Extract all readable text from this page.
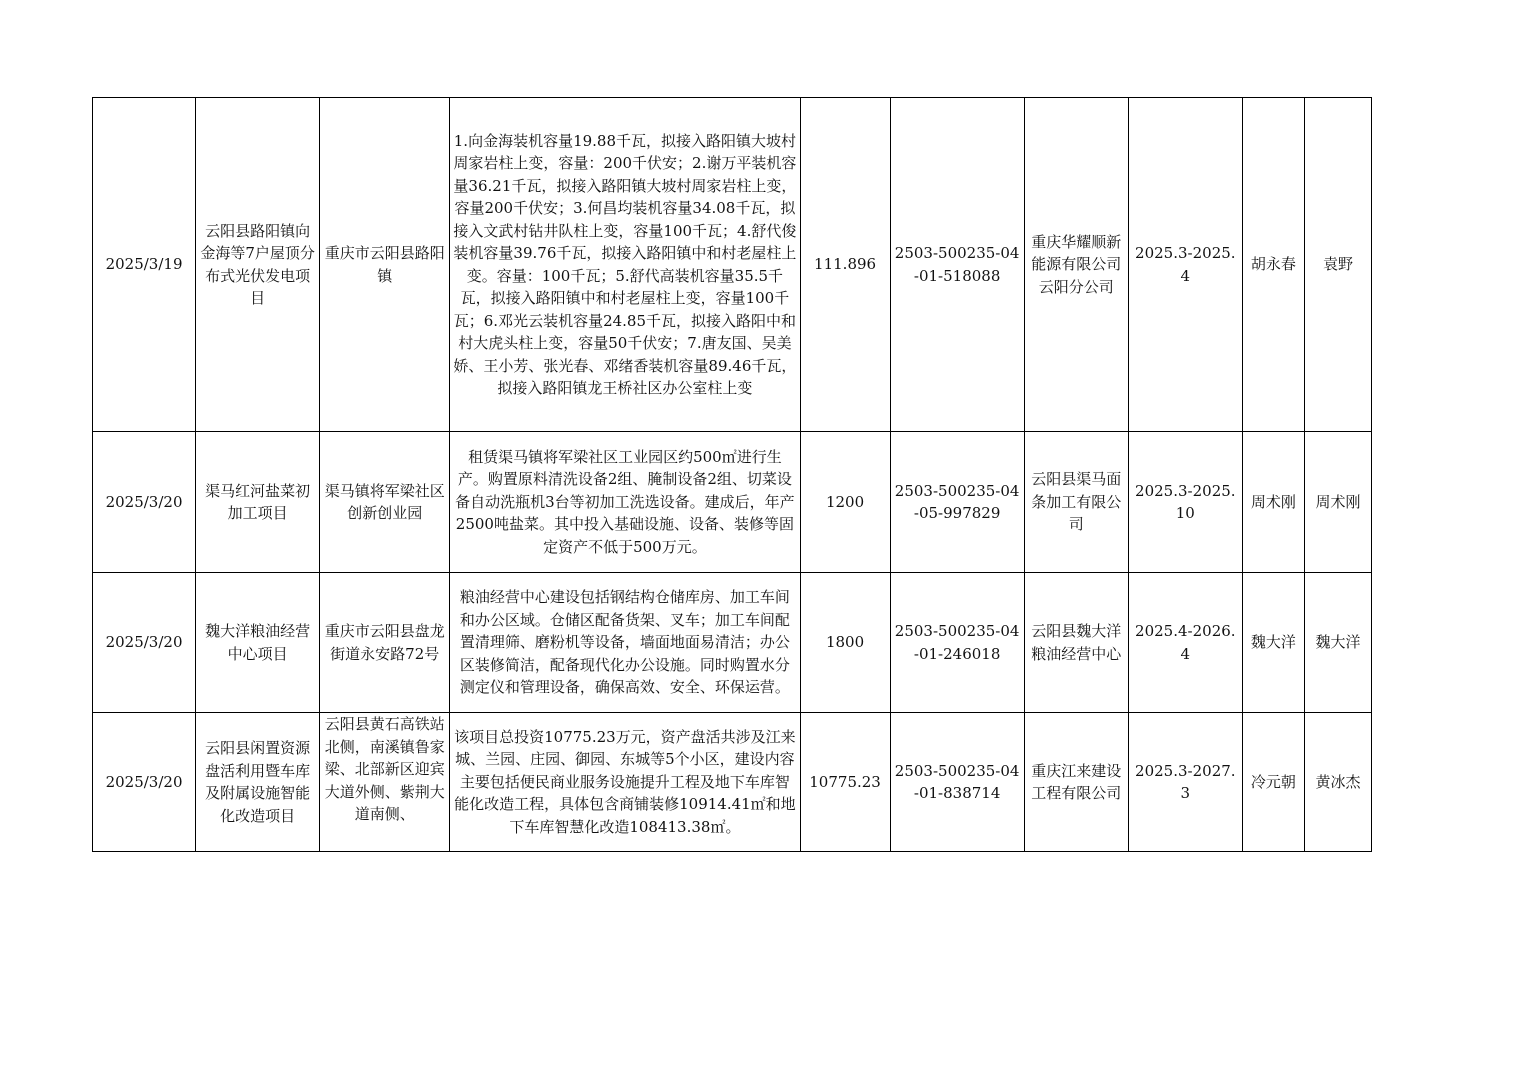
2025/3/19	云阳县路阳镇向金海等7户屋顶分布式光伏发电项目	重庆市云阳县路阳镇	1.向金海装机容量19.88千瓦，拟接入路阳镇大坡村周家岩柱上变，容量：200千伏安；2.谢万平装机容量36.21千瓦，拟接入路阳镇大坡村周家岩柱上变，容量200千伏安；3.何昌均装机容量34.08千瓦，拟接入文武村钻井队柱上变，容量100千瓦；4.舒代俊装机容量39.76千瓦，拟接入路阳镇中和村老屋柱上变。容量：100千瓦；5.舒代高装机容量35.5千瓦，拟接入路阳镇中和村老屋柱上变，容量100千瓦；6.邓光云装机容量24.85千瓦，拟接入路阳中和村大虎头柱上变，容量50千伏安；7.唐友国、吴美娇、王小芳、张光春、邓绪香装机容量89.46千瓦，拟接入路阳镇龙王桥社区办公室柱上变	111.896	2503-500235-04-01-518088	重庆华耀顺新能源有限公司云阳分公司	2025.3-2025.4	胡永春	袁野
2025/3/20	渠马红河盐菜初加工项目	渠马镇将军梁社区创新创业园	租赁渠马镇将军梁社区工业园区约500㎡进行生产。购置原料清洗设备2组、腌制设备2组、切菜设备自动洗瓶机3台等初加工洗选设备。建成后，年产2500吨盐菜。其中投入基础设施、设备、装修等固定资产不低于500万元。	1200	2503-500235-04-05-997829	云阳县渠马面条加工有限公司	2025.3-2025.10	周术刚	周术刚
2025/3/20	魏大洋粮油经营中心项目	重庆市云阳县盘龙街道永安路72号	粮油经营中心建设包括钢结构仓储库房、加工车间和办公区域。仓储区配备货架、叉车；加工车间配置清理筛、磨粉机等设备，墙面地面易清洁；办公区装修简洁，配备现代化办公设施。同时购置水分测定仪和管理设备，确保高效、安全、环保运营。	1800	2503-500235-04-01-246018	云阳县魏大洋粮油经营中心	2025.4-2026.4	魏大洋	魏大洋
2025/3/20	云阳县闲置资源盘活利用暨车库及附属设施智能化改造项目	云阳县黄石高铁站北侧，南溪镇鲁家梁、北部新区迎宾大道外侧、紫荆大道南侧、	该项目总投资10775.23万元，资产盘活共涉及江来城、兰园、庄园、御园、东城等5个小区，建设内容主要包括便民商业服务设施提升工程及地下车库智能化改造工程，具体包含商铺装修10914.41㎡和地下车库智慧化改造108413.38㎡。	10775.23	2503-500235-04-01-838714	重庆江来建设工程有限公司	2025.3-2027.3	冷元朝	黄冰杰
